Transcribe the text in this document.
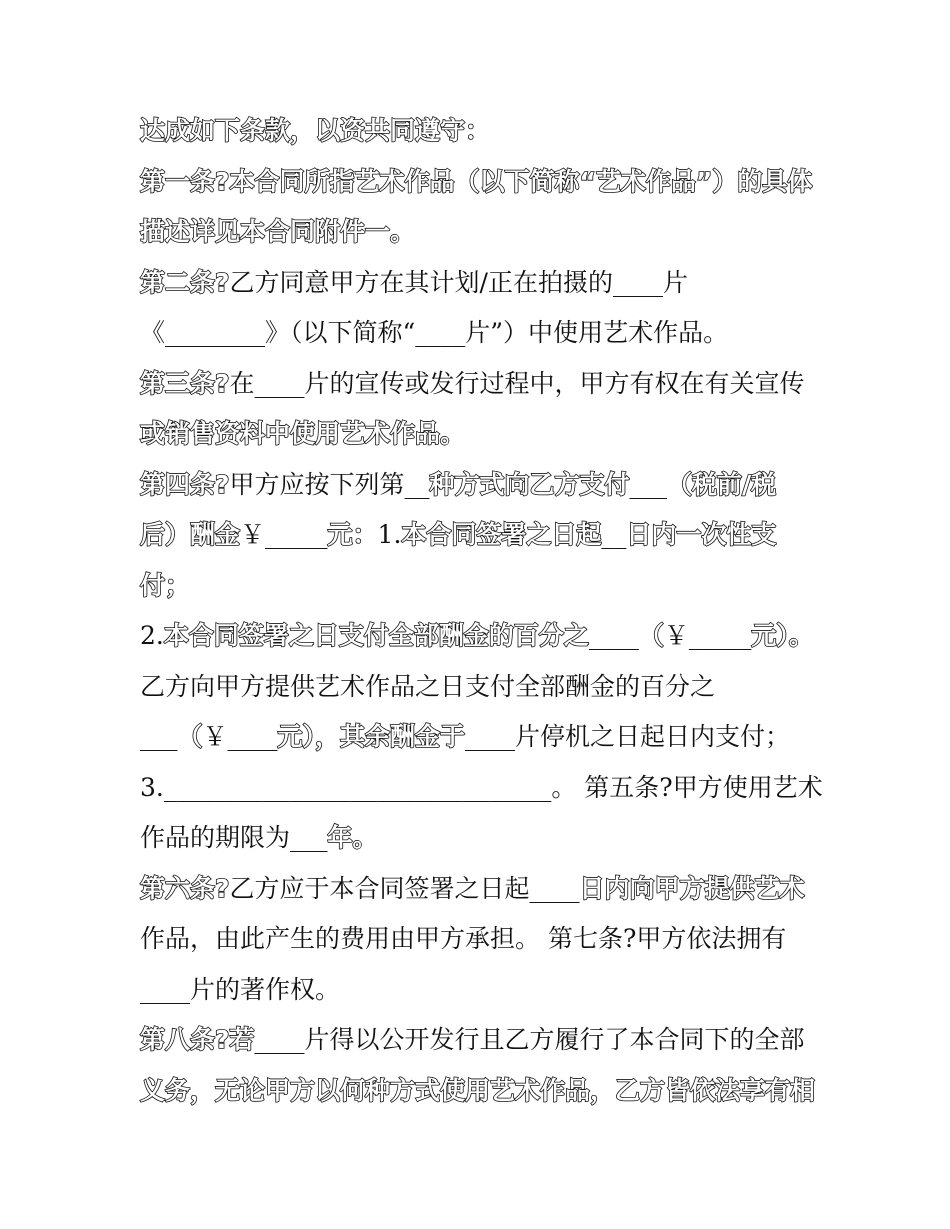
达成如下条款，以资共同遵守：
第一条?本合同所指艺术作品（以下简称“艺术作品”）的具体
描述详见本合同附件一。
第二条?乙方同意甲方在其计划/正在拍摄的____片
《________》（以下简称“____片”）中使用艺术作品。
第三条?在____片的宣传或发行过程中，甲方有权在有关宣传
或销售资料中使用艺术作品。
第四条?甲方应按下列第__种方式向乙方支付___（税前/税
后）酬金￥_____元：1.本合同签署之日起__日内一次性支
付；
2.本合同签署之日支付全部酬金的百分之____（￥_____元）。
乙方向甲方提供艺术作品之日支付全部酬金的百分之
___（￥____元），其余酬金于____片停机之日起日内支付；
3._______________________________。 第五条?甲方使用艺术
作品的期限为___年。
第六条?乙方应于本合同签署之日起____日内向甲方提供艺术
作品，由此产生的费用由甲方承担。 第七条?甲方依法拥有
____片的著作权。
第八条?若____片得以公开发行且乙方履行了本合同下的全部
义务，无论甲方以何种方式使用艺术作品，乙方皆依法享有相
